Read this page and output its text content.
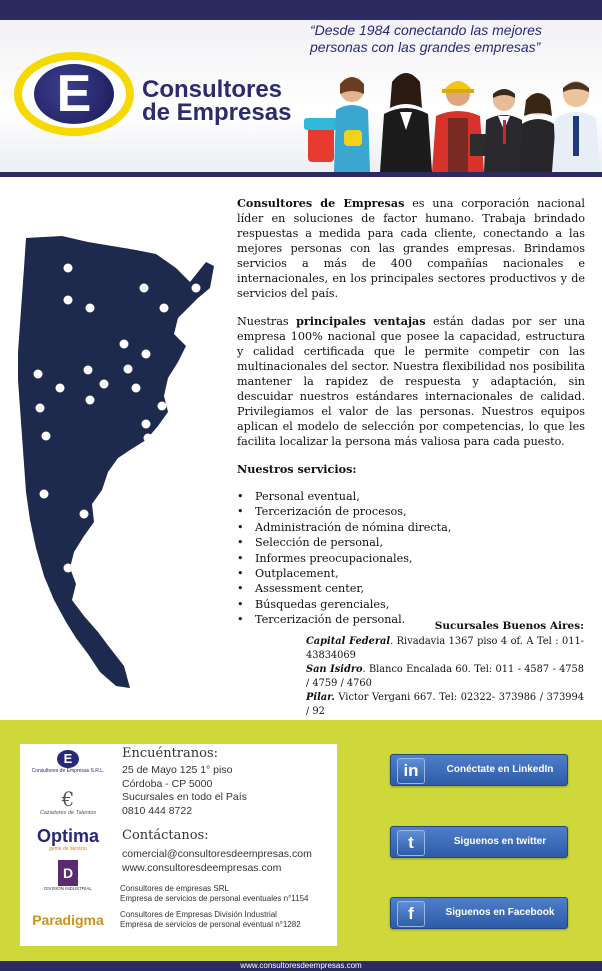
E	Consultores
de Empresas
“Desde 1984 conectando las mejores personas con las grandes empresas”

Consultores de Empresas es una corporación nacional líder en soluciones de factor humano. Trabaja brindado respuestas a medida para cada cliente, conectando a las mejores personas con las grandes empresas. Brindamos servicios a más de 400 compañías nacionales e internacionales, en los principales sectores productivos y de servicios del país.

Nuestras principales ventajas están dadas por ser una empresa 100% nacional que posee la capacidad, estructura y calidad certificada que le permite competir con las multinacionales del sector. Nuestra flexibilidad nos posibilita mantener la rapidez de respuesta y adaptación, sin descuidar nuestros estándares internacionales de calidad. Privilegiamos el valor de las personas. Nuestros equipos aplican el modelo de selección por competencias, lo que les facilita localizar la persona más valiosa para cada puesto.

Nuestros servicios:
• Personal eventual,
• Tercerización de procesos,
• Administración de nómina directa,
• Selección de personal,
• Informes preocupacionales,
• Outplacement,
• Assessment center,
• Búsquedas gerenciales,
• Tercerización de personal.	Sucursales Buenos Aires:
Capital Federal. Rivadavia 1367 piso 4 of. A Tel : 011- 43834069
San Isidro. Blanco Encalada 60. Tel: 011 - 4587 - 4758 / 4759 / 4760
Pilar. Victor Vergani 667. Tel: 02322- 373986 / 373994 / 92
E
Consultores de Empresas S.R.L.
€
Cazadores de Talentos
Optima
gente de servicio
D
DIVISION INDUSTRIAL
Paradigma
Encuéntranos:
25 de Mayo 125 1° piso
Córdoba - CP 5000
Sucursales en todo el País
0810 444 8722
Contáctanos:
comercial@consultoresdeempresas.com
www.consultoresdeempresas.com
Consultores de empresas SRL
Empresa de servicios de personal eventuales n°1154
Consultores de Empresas División Industrial
Empresa de servicios de personal eventual n°1282
in	Conéctate en LinkedIn
t	Siguenos en twitter
f	Siguenos en Facebook
www.consultoresdeempresas.com
